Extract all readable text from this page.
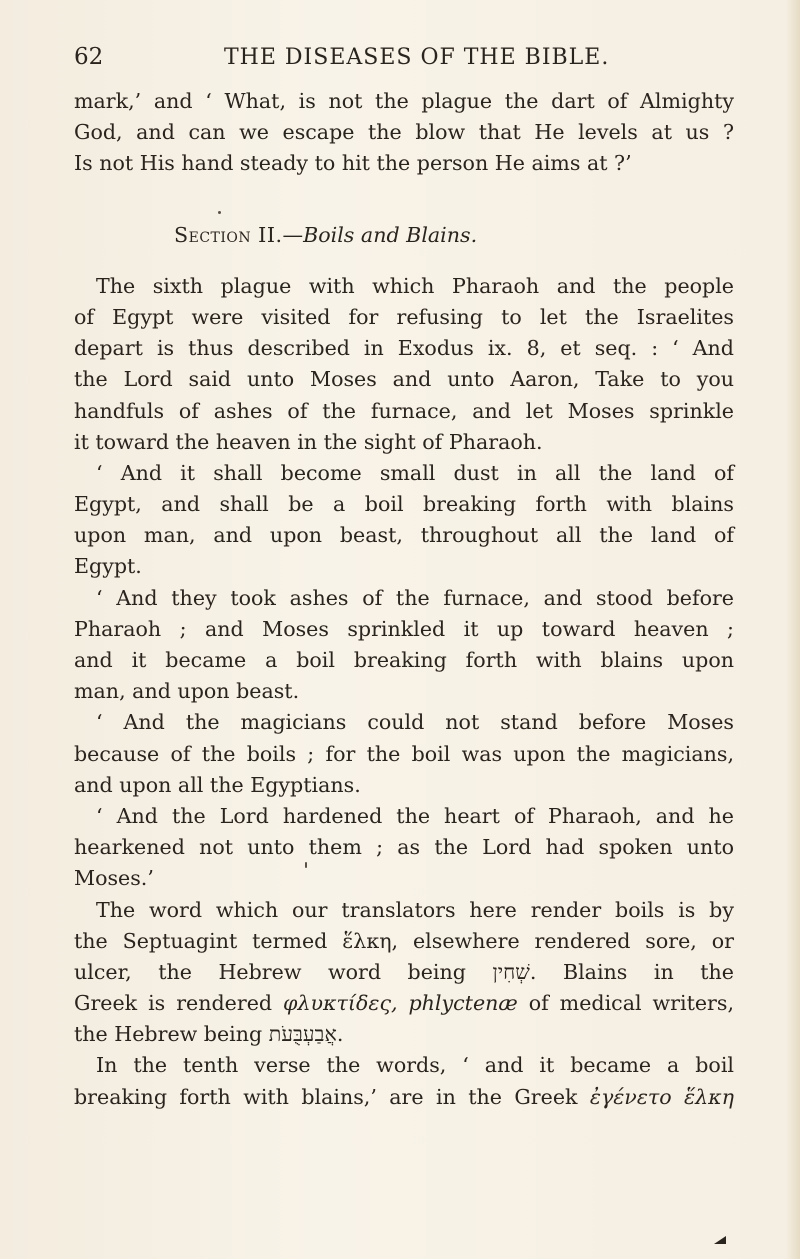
62	THE DISEASES OF THE BIBLE.
mark,’ and ‘ What, is not the plague the dart of Almighty
God, and can we escape the blow that He levels at us ?
Is not His hand steady to hit the person He aims at ?’
Section II.—Boils and Blains.
The sixth plague with which Pharaoh and the people
of Egypt were visited for refusing to let the Israelites
depart is thus described in Exodus ix. 8, et seq. : ‘ And
the Lord said unto Moses and unto Aaron, Take to you
handfuls of ashes of the furnace, and let Moses sprinkle
it toward the heaven in the sight of Pharaoh.
‘ And it shall become small dust in all the land of
Egypt, and shall be a boil breaking forth with blains
upon man, and upon beast, throughout all the land of
Egypt.
‘ And they took ashes of the furnace, and stood before
Pharaoh ; and Moses sprinkled it up toward heaven ;
and it became a boil breaking forth with blains upon
man, and upon beast.
‘ And the magicians could not stand before Moses
because of the boils ; for the boil was upon the magicians,
and upon all the Egyptians.
‘ And the Lord hardened the heart of Pharaoh, and he
hearkened not unto them ; as the Lord had spoken unto
Moses.’
The word which our translators here render boils is by
the Septuagint termed ἕλκη, elsewhere rendered sore, or
ulcer, the Hebrew word being שְׁחִין. Blains in the
Greek is rendered φλυκτίδες, phlyctenæ of medical writers,
the Hebrew being אֲבַעְבֻּעֹת.
In the tenth verse the words, ‘ and it became a boil
breaking forth with blains,’ are in the Greek ἐγένετο ἕλκη
